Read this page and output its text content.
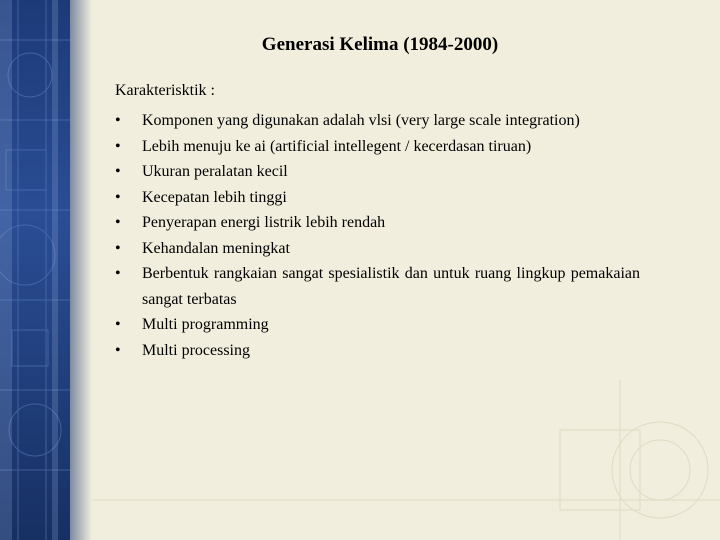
Generasi Kelima (1984-2000)
Karakterisktik :
• Komponen yang digunakan adalah vlsi (very large scale integration)
• Lebih menuju ke ai (artificial intellegent / kecerdasan tiruan)
• Ukuran peralatan kecil
• Kecepatan lebih tinggi
• Penyerapan energi listrik lebih rendah
• Kehandalan meningkat
• Berbentuk rangkaian sangat spesialistik dan untuk ruang lingkup pemakaian sangat terbatas
• Multi programming
• Multi processing
